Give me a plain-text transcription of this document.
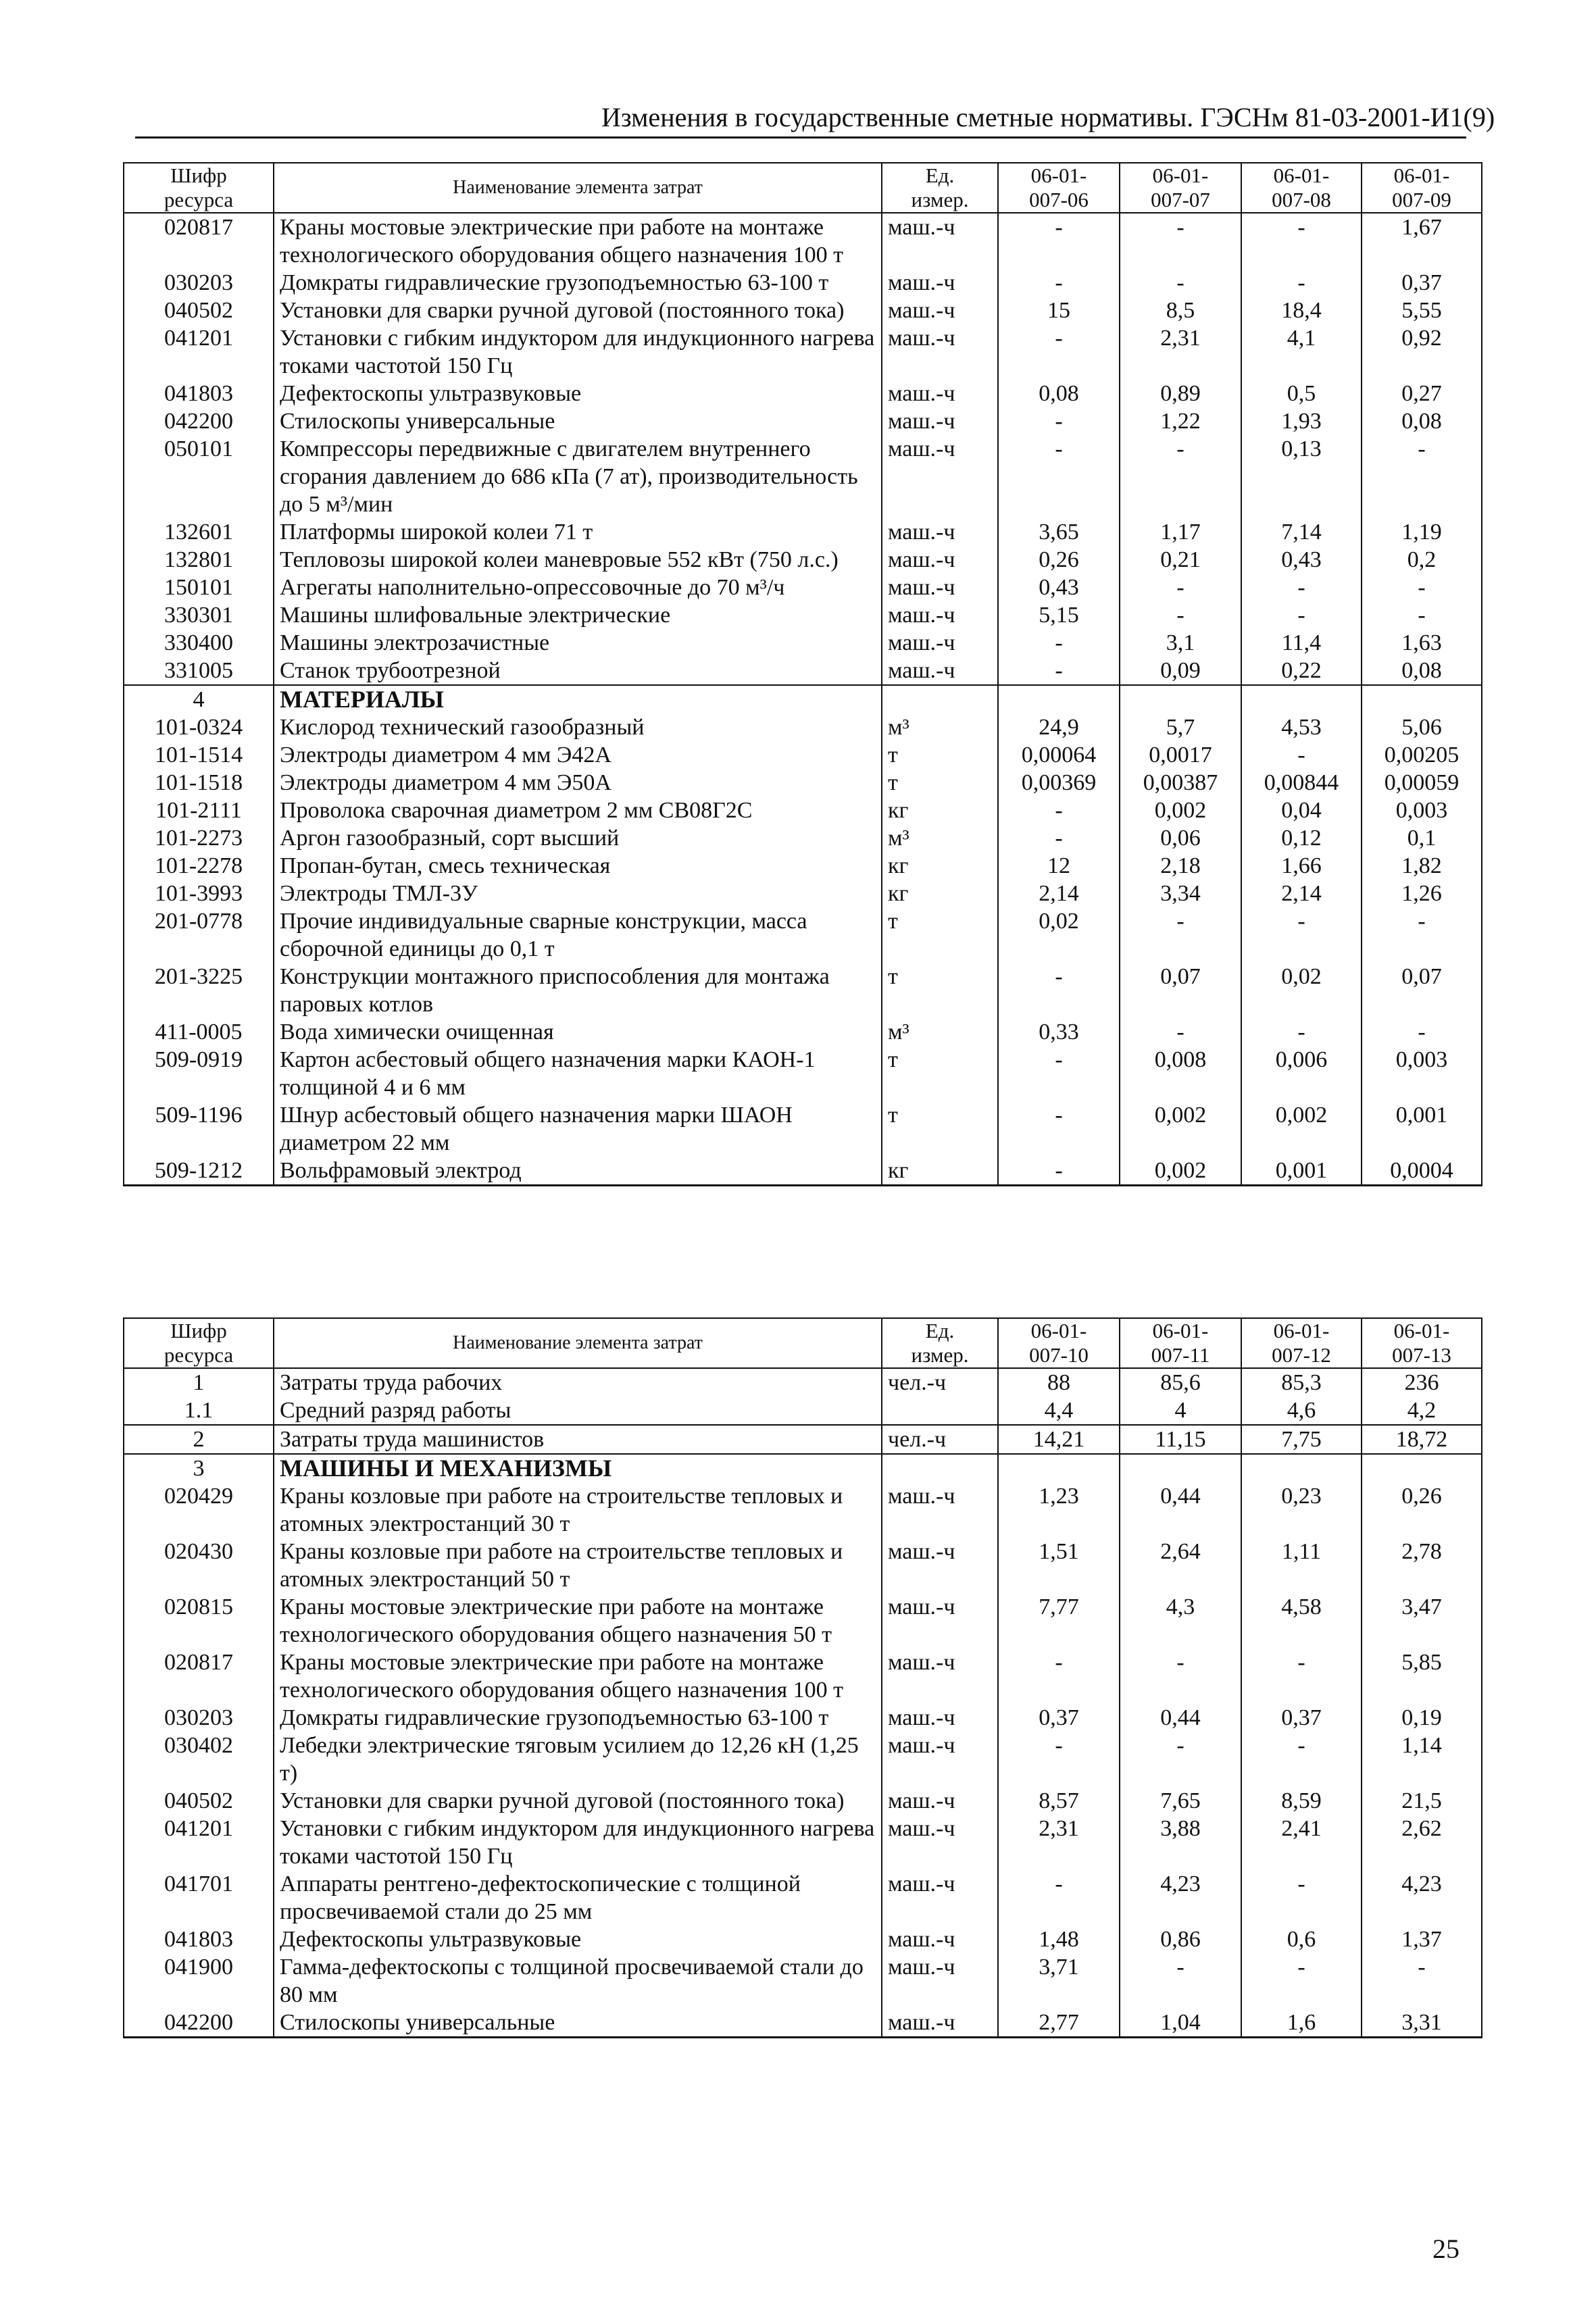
Изменения в государственные сметные нормативы. ГЭСНм 81-03-2001-И1(9)
Шифр
ресурса	Наименование элемента затрат	Ед.
измер.	06-01-
007-06	06-01-
007-07	06-01-
007-08	06-01-
007-09
020817	Краны мостовые электрические при работе на монтаже технологического оборудования общего назначения 100 т	маш.-ч	-	-	-	1,67
030203	Домкраты гидравлические грузоподъемностью 63-100 т	маш.-ч	-	-	-	0,37
040502	Установки для сварки ручной дуговой (постоянного тока)	маш.-ч	15	8,5	18,4	5,55
041201	Установки с гибким индуктором для индукционного нагрева токами частотой 150 Гц	маш.-ч	-	2,31	4,1	0,92
041803	Дефектоскопы ультразвуковые	маш.-ч	0,08	0,89	0,5	0,27
042200	Стилоскопы универсальные	маш.-ч	-	1,22	1,93	0,08
050101	Компрессоры передвижные с двигателем внутреннего сгорания давлением до 686 кПа (7 ат), производительность до 5 м³/мин	маш.-ч	-	-	0,13	-
132601	Платформы широкой колеи 71 т	маш.-ч	3,65	1,17	7,14	1,19
132801	Тепловозы широкой колеи маневровые 552 кВт (750 л.с.)	маш.-ч	0,26	0,21	0,43	0,2
150101	Агрегаты наполнительно-опрессовочные до 70 м³/ч	маш.-ч	0,43	-	-	-
330301	Машины шлифовальные электрические	маш.-ч	5,15	-	-	-
330400	Машины электрозачистные	маш.-ч	-	3,1	11,4	1,63
331005	Станок трубоотрезной	маш.-ч	-	0,09	0,22	0,08
4	МАТЕРИАЛЫ					
101-0324	Кислород технический газообразный	м³	24,9	5,7	4,53	5,06
101-1514	Электроды диаметром 4 мм Э42А	т	0,00064	0,0017	-	0,00205
101-1518	Электроды диаметром 4 мм Э50А	т	0,00369	0,00387	0,00844	0,00059
101-2111	Проволока сварочная диаметром 2 мм СВ08Г2С	кг	-	0,002	0,04	0,003
101-2273	Аргон газообразный, сорт высший	м³	-	0,06	0,12	0,1
101-2278	Пропан-бутан, смесь техническая	кг	12	2,18	1,66	1,82
101-3993	Электроды ТМЛ-3У	кг	2,14	3,34	2,14	1,26
201-0778	Прочие индивидуальные сварные конструкции, масса сборочной единицы до 0,1 т	т	0,02	-	-	-
201-3225	Конструкции монтажного приспособления для монтажа паровых котлов	т	-	0,07	0,02	0,07
411-0005	Вода химически очищенная	м³	0,33	-	-	-
509-0919	Картон асбестовый общего назначения марки КАОН-1 толщиной 4 и 6 мм	т	-	0,008	0,006	0,003
509-1196	Шнур асбестовый общего назначения марки ШАОН диаметром 22 мм	т	-	0,002	0,002	0,001
509-1212	Вольфрамовый электрод	кг	-	0,002	0,001	0,0004
Шифр
ресурса	Наименование элемента затрат	Ед.
измер.	06-01-
007-10	06-01-
007-11	06-01-
007-12	06-01-
007-13
1	Затраты труда рабочих	чел.-ч	88	85,6	85,3	236
1.1	Средний разряд работы		4,4	4	4,6	4,2
2	Затраты труда машинистов	чел.-ч	14,21	11,15	7,75	18,72
3	МАШИНЫ И МЕХАНИЗМЫ					
020429	Краны козловые при работе на строительстве тепловых и атомных электростанций 30 т	маш.-ч	1,23	0,44	0,23	0,26
020430	Краны козловые при работе на строительстве тепловых и атомных электростанций 50 т	маш.-ч	1,51	2,64	1,11	2,78
020815	Краны мостовые электрические при работе на монтаже технологического оборудования общего назначения 50 т	маш.-ч	7,77	4,3	4,58	3,47
020817	Краны мостовые электрические при работе на монтаже технологического оборудования общего назначения 100 т	маш.-ч	-	-	-	5,85
030203	Домкраты гидравлические грузоподъемностью 63-100 т	маш.-ч	0,37	0,44	0,37	0,19
030402	Лебедки электрические тяговым усилием до 12,26 кН (1,25 т)	маш.-ч	-	-	-	1,14
040502	Установки для сварки ручной дуговой (постоянного тока)	маш.-ч	8,57	7,65	8,59	21,5
041201	Установки с гибким индуктором для индукционного нагрева токами частотой 150 Гц	маш.-ч	2,31	3,88	2,41	2,62
041701	Аппараты рентгено-дефектоскопические с толщиной просвечиваемой стали до 25 мм	маш.-ч	-	4,23	-	4,23
041803	Дефектоскопы ультразвуковые	маш.-ч	1,48	0,86	0,6	1,37
041900	Гамма-дефектоскопы с толщиной просвечиваемой стали до 80 мм	маш.-ч	3,71	-	-	-
042200	Стилоскопы универсальные	маш.-ч	2,77	1,04	1,6	3,31
25
